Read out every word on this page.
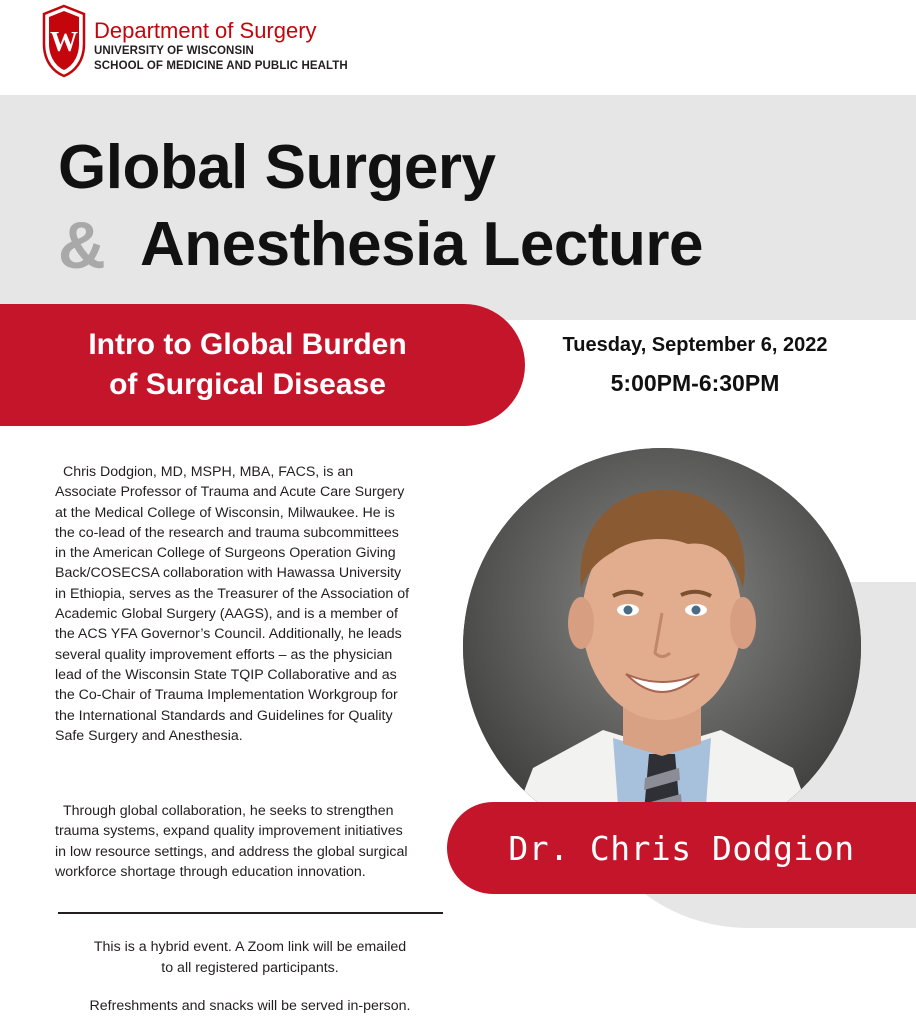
W Department of Surgery
UNIVERSITY OF WISCONSIN
SCHOOL OF MEDICINE AND PUBLIC HEALTH
Global Surgery
& Anesthesia Lecture
Intro to Global Burden
of Surgical Disease
Tuesday, September 6, 2022
5:00PM-6:30PM
Chris Dodgion, MD, MSPH, MBA, FACS, is an
Associate Professor of Trauma and Acute Care Surgery
at the Medical College of Wisconsin, Milwaukee. He is
the co-lead of the research and trauma subcommittees
in the American College of Surgeons Operation Giving
Back/COSECSA collaboration with Hawassa University
in Ethiopia, serves as the Treasurer of the Association of
Academic Global Surgery (AAGS), and is a member of
the ACS YFA Governor’s Council. Additionally, he leads
several quality improvement efforts – as the physician
lead of the Wisconsin State TQIP Collaborative and as
the Co-Chair of Trauma Implementation Workgroup for
the International Standards and Guidelines for Quality
Safe Surgery and Anesthesia.
Through global collaboration, he seeks to strengthen
trauma systems, expand quality improvement initiatives
in low resource settings, and address the global surgical
workforce shortage through education innovation.
Dr. Chris Dodgion
This is a hybrid event. A Zoom link will be emailed
to all registered participants.
Refreshments and snacks will be served in-person.
